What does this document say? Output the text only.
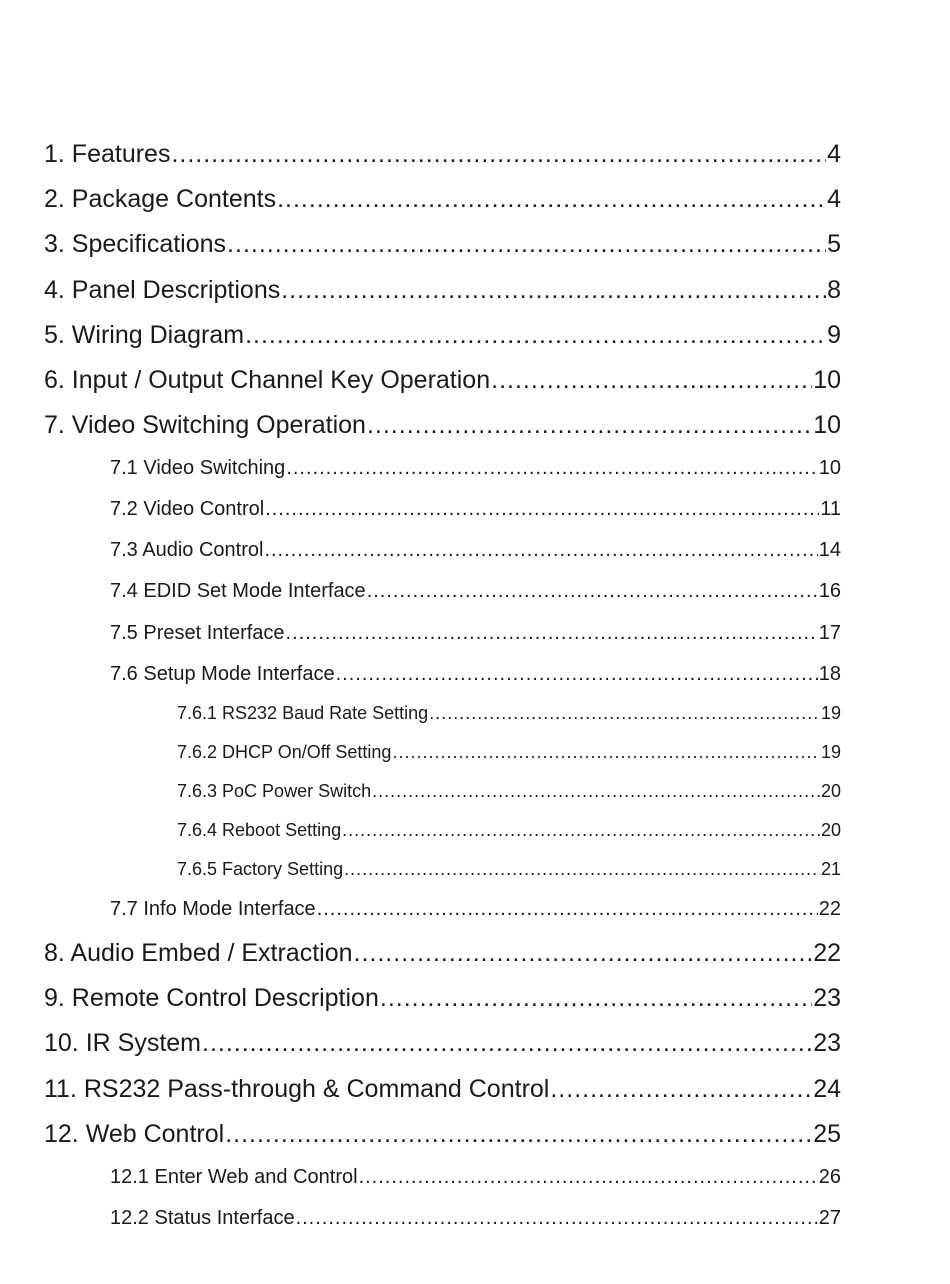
1. Features .....	4
2. Package Contents .....	4
3. Specifications .....	5
4. Panel Descriptions .....	8
5. Wiring Diagram .....	9
6. Input / Output Channel Key Operation .....	10
7. Video Switching Operation .....	10
7.1 Video Switching .....	10
7.2 Video Control .....	11
7.3 Audio Control .....	14
7.4 EDID Set Mode Interface .....	16
7.5 Preset Interface .....	17
7.6 Setup Mode Interface .....	18
7.6.1 RS232 Baud Rate Setting .....	19
7.6.2 DHCP On/Off Setting .....	19
7.6.3 PoC Power Switch .....	20
7.6.4 Reboot Setting .....	20
7.6.5 Factory Setting .....	21
7.7 Info Mode Interface .....	22
8. Audio Embed / Extraction .....	22
9. Remote Control Description .....	23
10. IR System .....	23
11. RS232 Pass-through & Command Control .....	24
12. Web Control .....	25
12.1 Enter Web and Control .....	26
12.2 Status Interface .....	27
